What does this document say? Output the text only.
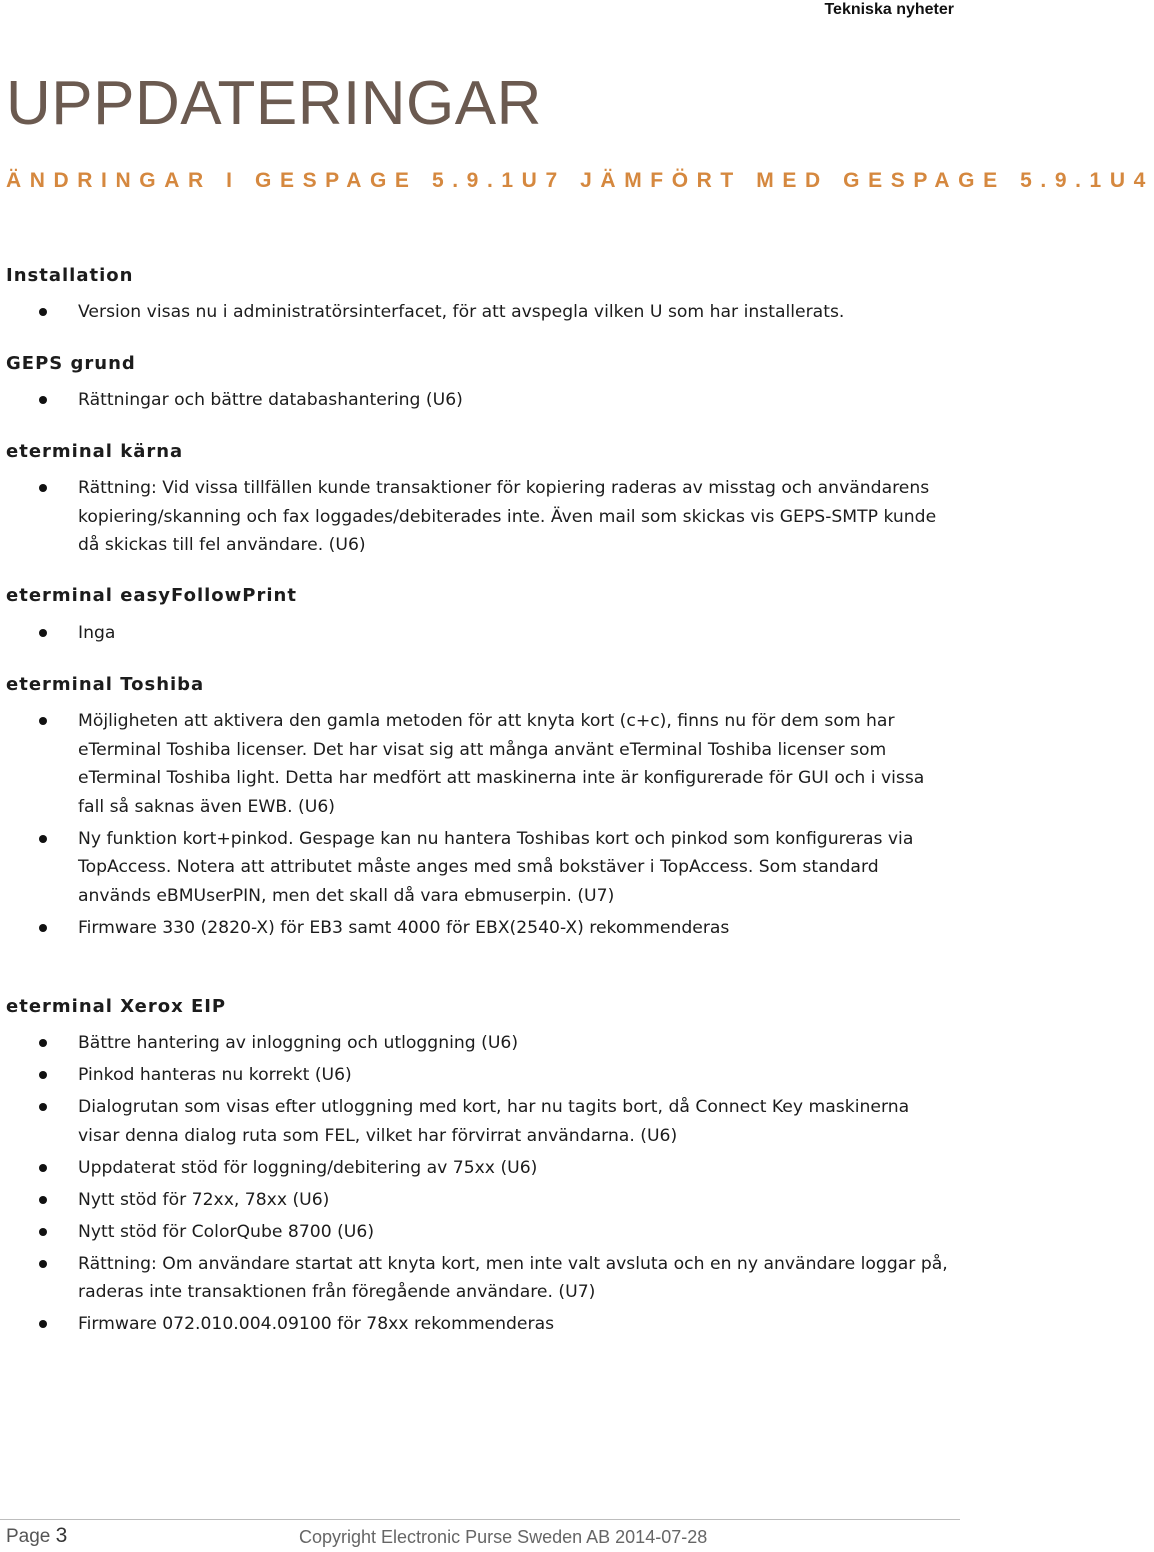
Tekniska nyheter
UPPDATERINGAR
ÄNDRINGAR I GESPAGE 5.9.1U7 JÄMFÖRT MED GESPAGE 5.9.1U4
Installation
Version visas nu i administratörsinterfacet, för att avspegla vilken U som har installerats.
GEPS grund
Rättningar och bättre databashantering (U6)
eterminal kärna
Rättning: Vid vissa tillfällen kunde transaktioner för kopiering raderas av misstag och användarens kopiering/skanning och fax loggades/debiterades inte. Även mail som skickas vis GEPS-SMTP kunde då skickas till fel användare. (U6)
eterminal easyFollowPrint
Inga
eterminal Toshiba
Möjligheten att aktivera den gamla metoden för att knyta kort (c+c), finns nu för dem som har eTerminal Toshiba licenser. Det har visat sig att många använt eTerminal Toshiba licenser som eTerminal Toshiba light. Detta har medfört att maskinerna inte är konfigurerade för GUI och i vissa fall så saknas även EWB. (U6)
Ny funktion kort+pinkod. Gespage kan nu hantera Toshibas kort och pinkod som konfigureras via TopAccess. Notera att attributet måste anges med små bokstäver i TopAccess. Som standard används eBMUserPIN, men det skall då vara ebmuserpin. (U7)
Firmware 330 (2820-X) för EB3 samt 4000 för EBX(2540-X) rekommenderas
eterminal Xerox EIP
Bättre hantering av inloggning och utloggning (U6)
Pinkod hanteras nu korrekt (U6)
Dialogrutan som visas efter utloggning med kort, har nu tagits bort, då Connect Key maskinerna visar denna dialog ruta som FEL, vilket har förvirrat användarna. (U6)
Uppdaterat stöd för loggning/debitering av 75xx (U6)
Nytt stöd för 72xx, 78xx (U6)
Nytt stöd för ColorQube 8700 (U6)
Rättning: Om användare startat att knyta kort, men inte valt avsluta och en ny användare loggar på, raderas inte transaktionen från föregående användare. (U7)
Firmware 072.010.004.09100 för 78xx rekommenderas
Page 3	Copyright Electronic Purse Sweden AB 2014-07-28
